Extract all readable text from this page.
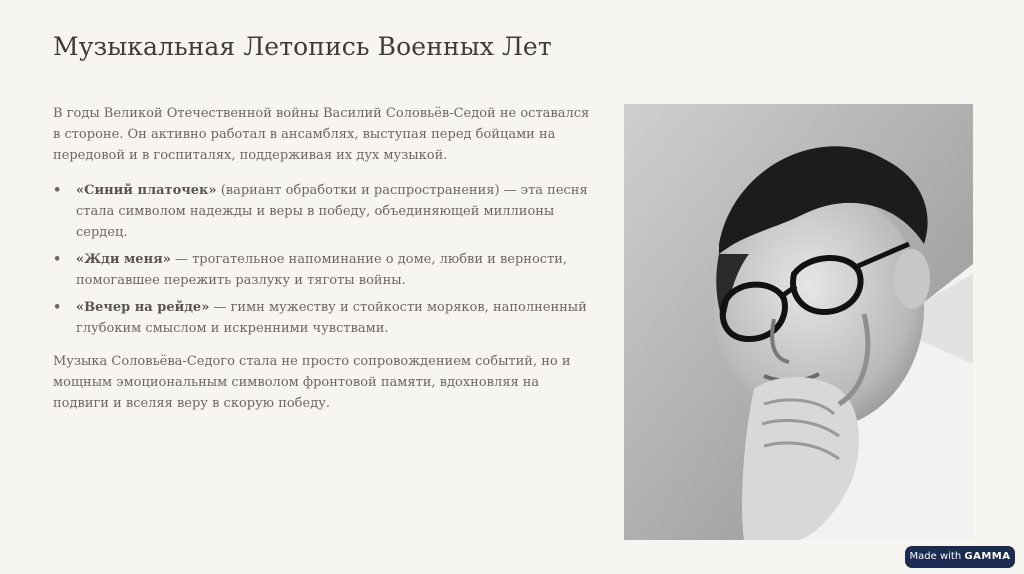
Музыкальная Летопись Военных Лет

В годы Великой Отечественной войны Василий Соловьёв-Седой не оставался в стороне. Он активно работал в ансамблях, выступая перед бойцами на передовой и в госпиталях, поддерживая их дух музыкой.

• «Синий платочек» (вариант обработки и распространения) — эта песня стала символом надежды и веры в победу, объединяющей миллионы сердец.
• «Жди меня» — трогательное напоминание о доме, любви и верности, помогавшее пережить разлуку и тяготы войны.
• «Вечер на рейде» — гимн мужеству и стойкости моряков, наполненный глубоким смыслом и искренними чувствами.

Музыка Соловьёва-Седого стала не просто сопровождением событий, но и мощным эмоциональным символом фронтовой памяти, вдохновляя на подвиги и вселяя веру в скорую победу.

Made with GAMMA
